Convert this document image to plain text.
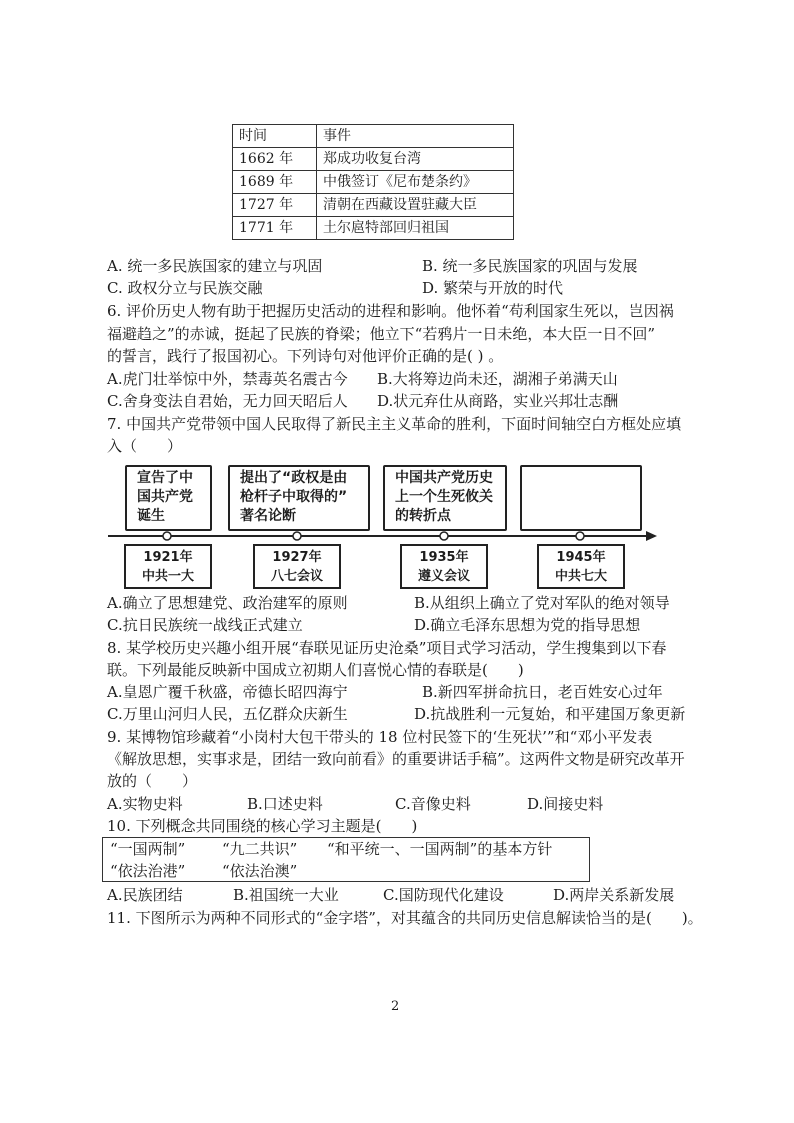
时间	事件
1662 年	郑成功收复台湾
1689 年	中俄签订《尼布楚条约》
1727 年	清朝在西藏设置驻藏大臣
1771 年	土尔扈特部回归祖国
A. 统一多民族国家的建立与巩固	B. 统一多民族国家的巩固与发展
C. 政权分立与民族交融	D. 繁荣与开放的时代
6. 评价历史人物有助于把握历史活动的进程和影响。他怀着“苟利国家生死以，岂因祸
福避趋之”的赤诚，挺起了民族的脊梁；他立下“若鸦片一日未绝，本大臣一日不回”
的誓言，践行了报国初心。下列诗句对他评价正确的是( ) 。
A.虎门壮举惊中外，禁毒英名震古今 B.大将筹边尚未还，湖湘子弟满天山
C.舍身变法自君始，无力回天昭后人 D.状元弃仕从商路，实业兴邦壮志酬
7. 中国共产党带领中国人民取得了新民主主义革命的胜利，下面时间轴空白方框处应填
入（　　）
宣告了中
国共产党
诞生
提出了“政权是由
枪杆子中取得的”
著名论断
中国共产党历史
上一个生死攸关
的转折点
1921年
中共一大
1927年
八七会议
1935年
遵义会议
1945年
中共七大
A.确立了思想建党、政治建军的原则	B.从组织上确立了党对军队的绝对领导
C.抗日民族统一战线正式建立	D.确立毛泽东思想为党的指导思想
8. 某学校历史兴趣小组开展“春联见证历史沧桑”项目式学习活动，学生搜集到以下春
联。下列最能反映新中国成立初期人们喜悦心情的春联是(　　)
A.皇恩广覆千秋盛，帝德长昭四海宁	B.新四军拼命抗日，老百姓安心过年
C.万里山河归人民，五亿群众庆新生	D.抗战胜利一元复始，和平建国万象更新
9. 某博物馆珍藏着“小岗村大包干带头的 18 位村民签下的‘生死状’”和“邓小平发表
《解放思想，实事求是，团结一致向前看》的重要讲话手稿”。这两件文物是研究改革开
放的（　　）
A.实物史料	B.口述史料	C.音像史料	D.间接史料
10. 下列概念共同围绕的核心学习主题是(　　)
“一国两制” “九二共识” “和平统一、一国两制”的基本方针
“依法治港” “依法治澳”
A.民族团结	B.祖国统一大业	C.国防现代化建设	D.两岸关系新发展
11. 下图所示为两种不同形式的“金字塔”，对其蕴含的共同历史信息解读恰当的是(　　)。
2
